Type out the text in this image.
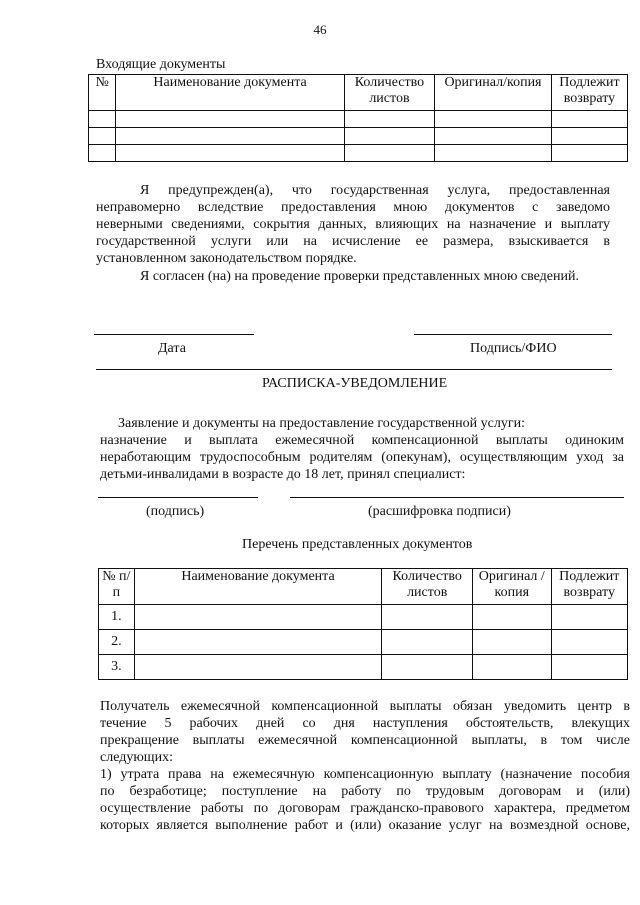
46
Входящие документы
№	Наименование документа	Количество листов	Оригинал/копия	Подлежит возврату

Я предупрежден(а), что государственная услуга, предоставленная
неправомерно вследствие предоставления мною документов с заведомо
неверными сведениями, сокрытия данных, влияющих на назначение и выплату
государственной услуги или на исчисление ее размера, взыскивается в
установленном законодательством порядке.
Я согласен (на) на проведение проверки представленных мною сведений.
Дата	Подпись/ФИО
РАСПИСКА-УВЕДОМЛЕНИЕ
Заявление и документы на предоставление государственной услуги:
назначение и выплата ежемесячной компенсационной выплаты одиноким
неработающим трудоспособным родителям (опекунам), осуществляющим уход за
детьми-инвалидами в возрасте до 18 лет, принял специалист:
(подпись)	(расшифровка подписи)
Перечень представленных документов
№ п/п	Наименование документа	Количество листов	Оригинал /копия	Подлежит возврату
1.				
2.				
3.				
Получатель ежемесячной компенсационной выплаты обязан уведомить центр в
течение 5 рабочих дней со дня наступления обстоятельств, влекущих
прекращение выплаты ежемесячной компенсационной выплаты, в том числе
следующих:
1) утрата права на ежемесячную компенсационную выплату (назначение пособия
по безработице; поступление на работу по трудовым договорам и (или)
осуществление работы по договорам гражданско-правового характера, предметом
которых является выполнение работ и (или) оказание услуг на возмездной основе,
